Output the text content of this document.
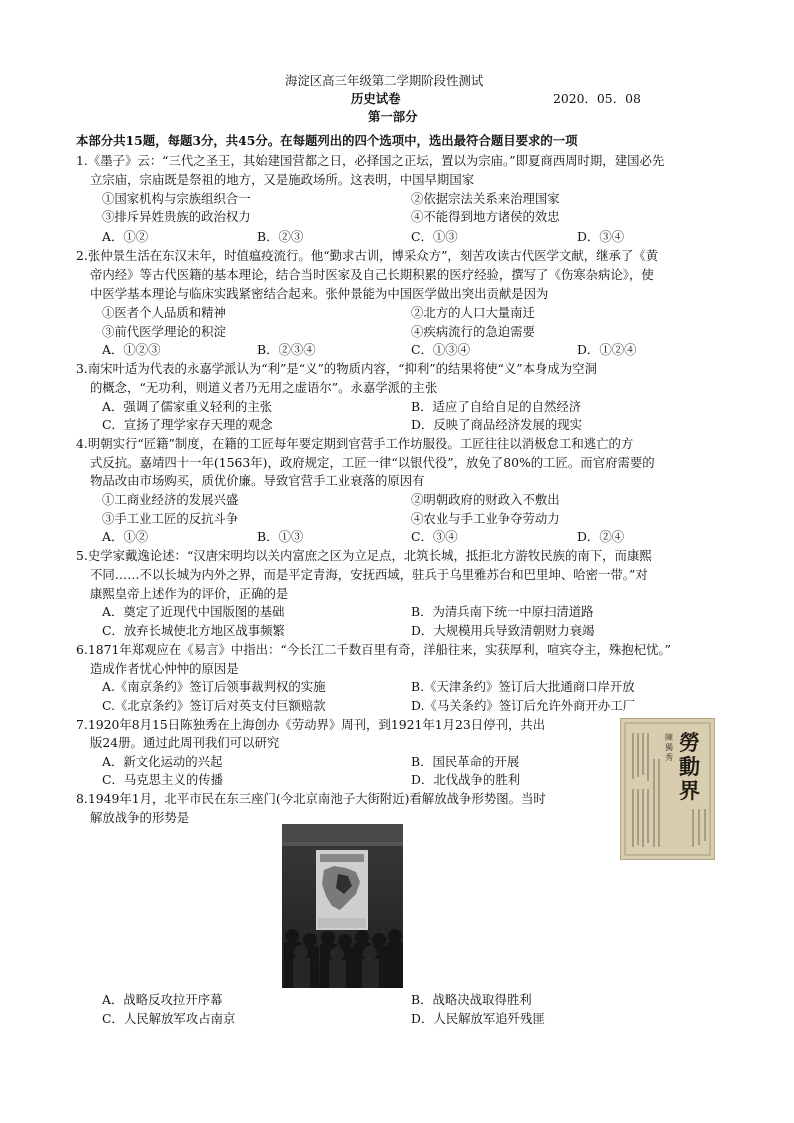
海淀区高三年级第二学期阶段性测试
历史试卷	2020．05．08
第一部分
本部分共15题，每题3分，共45分。在每题列出的四个选项中，选出最符合题目要求的一项
1.《墨子》云：“三代之圣王，其始建国营都之日，必择国之正坛，置以为宗庙。”即夏商西周时期，建国必先
立宗庙，宗庙既是祭祖的地方，又是施政场所。这表明，中国早期国家
①国家机构与宗族组织合一	②依据宗法关系来治理国家
③排斥异姓贵族的政治权力	④不能得到地方诸侯的效忠
A．①②	B．②③	C．①③	D．③④
2.张仲景生活在东汉末年，时值瘟疫流行。他“勤求古训，博采众方”，刻苦攻读古代医学文献，继承了《黄
帝内经》等古代医籍的基本理论，结合当时医家及自己长期积累的医疗经验，撰写了《伤寒杂病论》，使
中医学基本理论与临床实践紧密结合起来。张仲景能为中国医学做出突出贡献是因为
①医者个人品质和精神	②北方的人口大量南迁
③前代医学理论的积淀	④疾病流行的急迫需要
A．①②③	B．②③④	C．①③④	D．①②④
3.南宋叶适为代表的永嘉学派认为“利”是“义”的物质内容，“抑利”的结果将使“义”本身成为空洞
的概念，“无功利，则道义者乃无用之虚语尔”。永嘉学派的主张
A．强调了儒家重义轻利的主张	B．适应了自给自足的自然经济
C．宣扬了理学家存天理的观念	D．反映了商品经济发展的现实
4.明朝实行“匠籍”制度，在籍的工匠每年要定期到官营手工作坊服役。工匠往往以消极怠工和逃亡的方
式反抗。嘉靖四十一年(1563年)，政府规定，工匠一律“以银代役”，放免了80%的工匠。而官府需要的
物品改由市场购买，质优价廉。导致官营手工业衰落的原因有
①工商业经济的发展兴盛	②明朝政府的财政入不敷出
③手工业工匠的反抗斗争	④农业与手工业争夺劳动力
A．①②	B．①③	C．③④	D．②④
5.史学家戴逸论述：“汉唐宋明均以关内富庶之区为立足点，北筑长城，抵拒北方游牧民族的南下，而康熙
不同……不以长城为内外之界，而是平定青海，安抚西域，驻兵于乌里雅苏台和巴里坤、哈密一带。”对
康熙皇帝上述作为的评价，正确的是
A．奠定了近现代中国版图的基础	B．为清兵南下统一中原扫清道路
C．放弃长城使北方地区战事频繁	D．大规模用兵导致清朝财力衰竭
6.1871年郑观应在《易言》中指出：“今长江二千数百里有奇，洋船往来，实获厚利，喧宾夺主，殊抱杞忧。”
造成作者忧心忡忡的原因是
A.《南京条约》签订后领事裁判权的实施	B.《天津条约》签订后大批通商口岸开放
C.《北京条约》签订后对英支付巨额赔款	D.《马关条约》签订后允许外商开办工厂
7.1920年8月15日陈独秀在上海创办《劳动界》周刊，到1921年1月23日停刊，共出
版24册。通过此周刊我们可以研究
A．新文化运动的兴起	B．国民革命的开展
C．马克思主义的传播	D．北伐战争的胜利
陳獨秀
勞動界
8.1949年1月，北平市民在东三座门(今北京南池子大街附近)看解放战争形势图。当时
解放战争的形势是
A．战略反攻拉开序幕	B．战略决战取得胜利
C．人民解放军攻占南京	D．人民解放军追歼残匪
